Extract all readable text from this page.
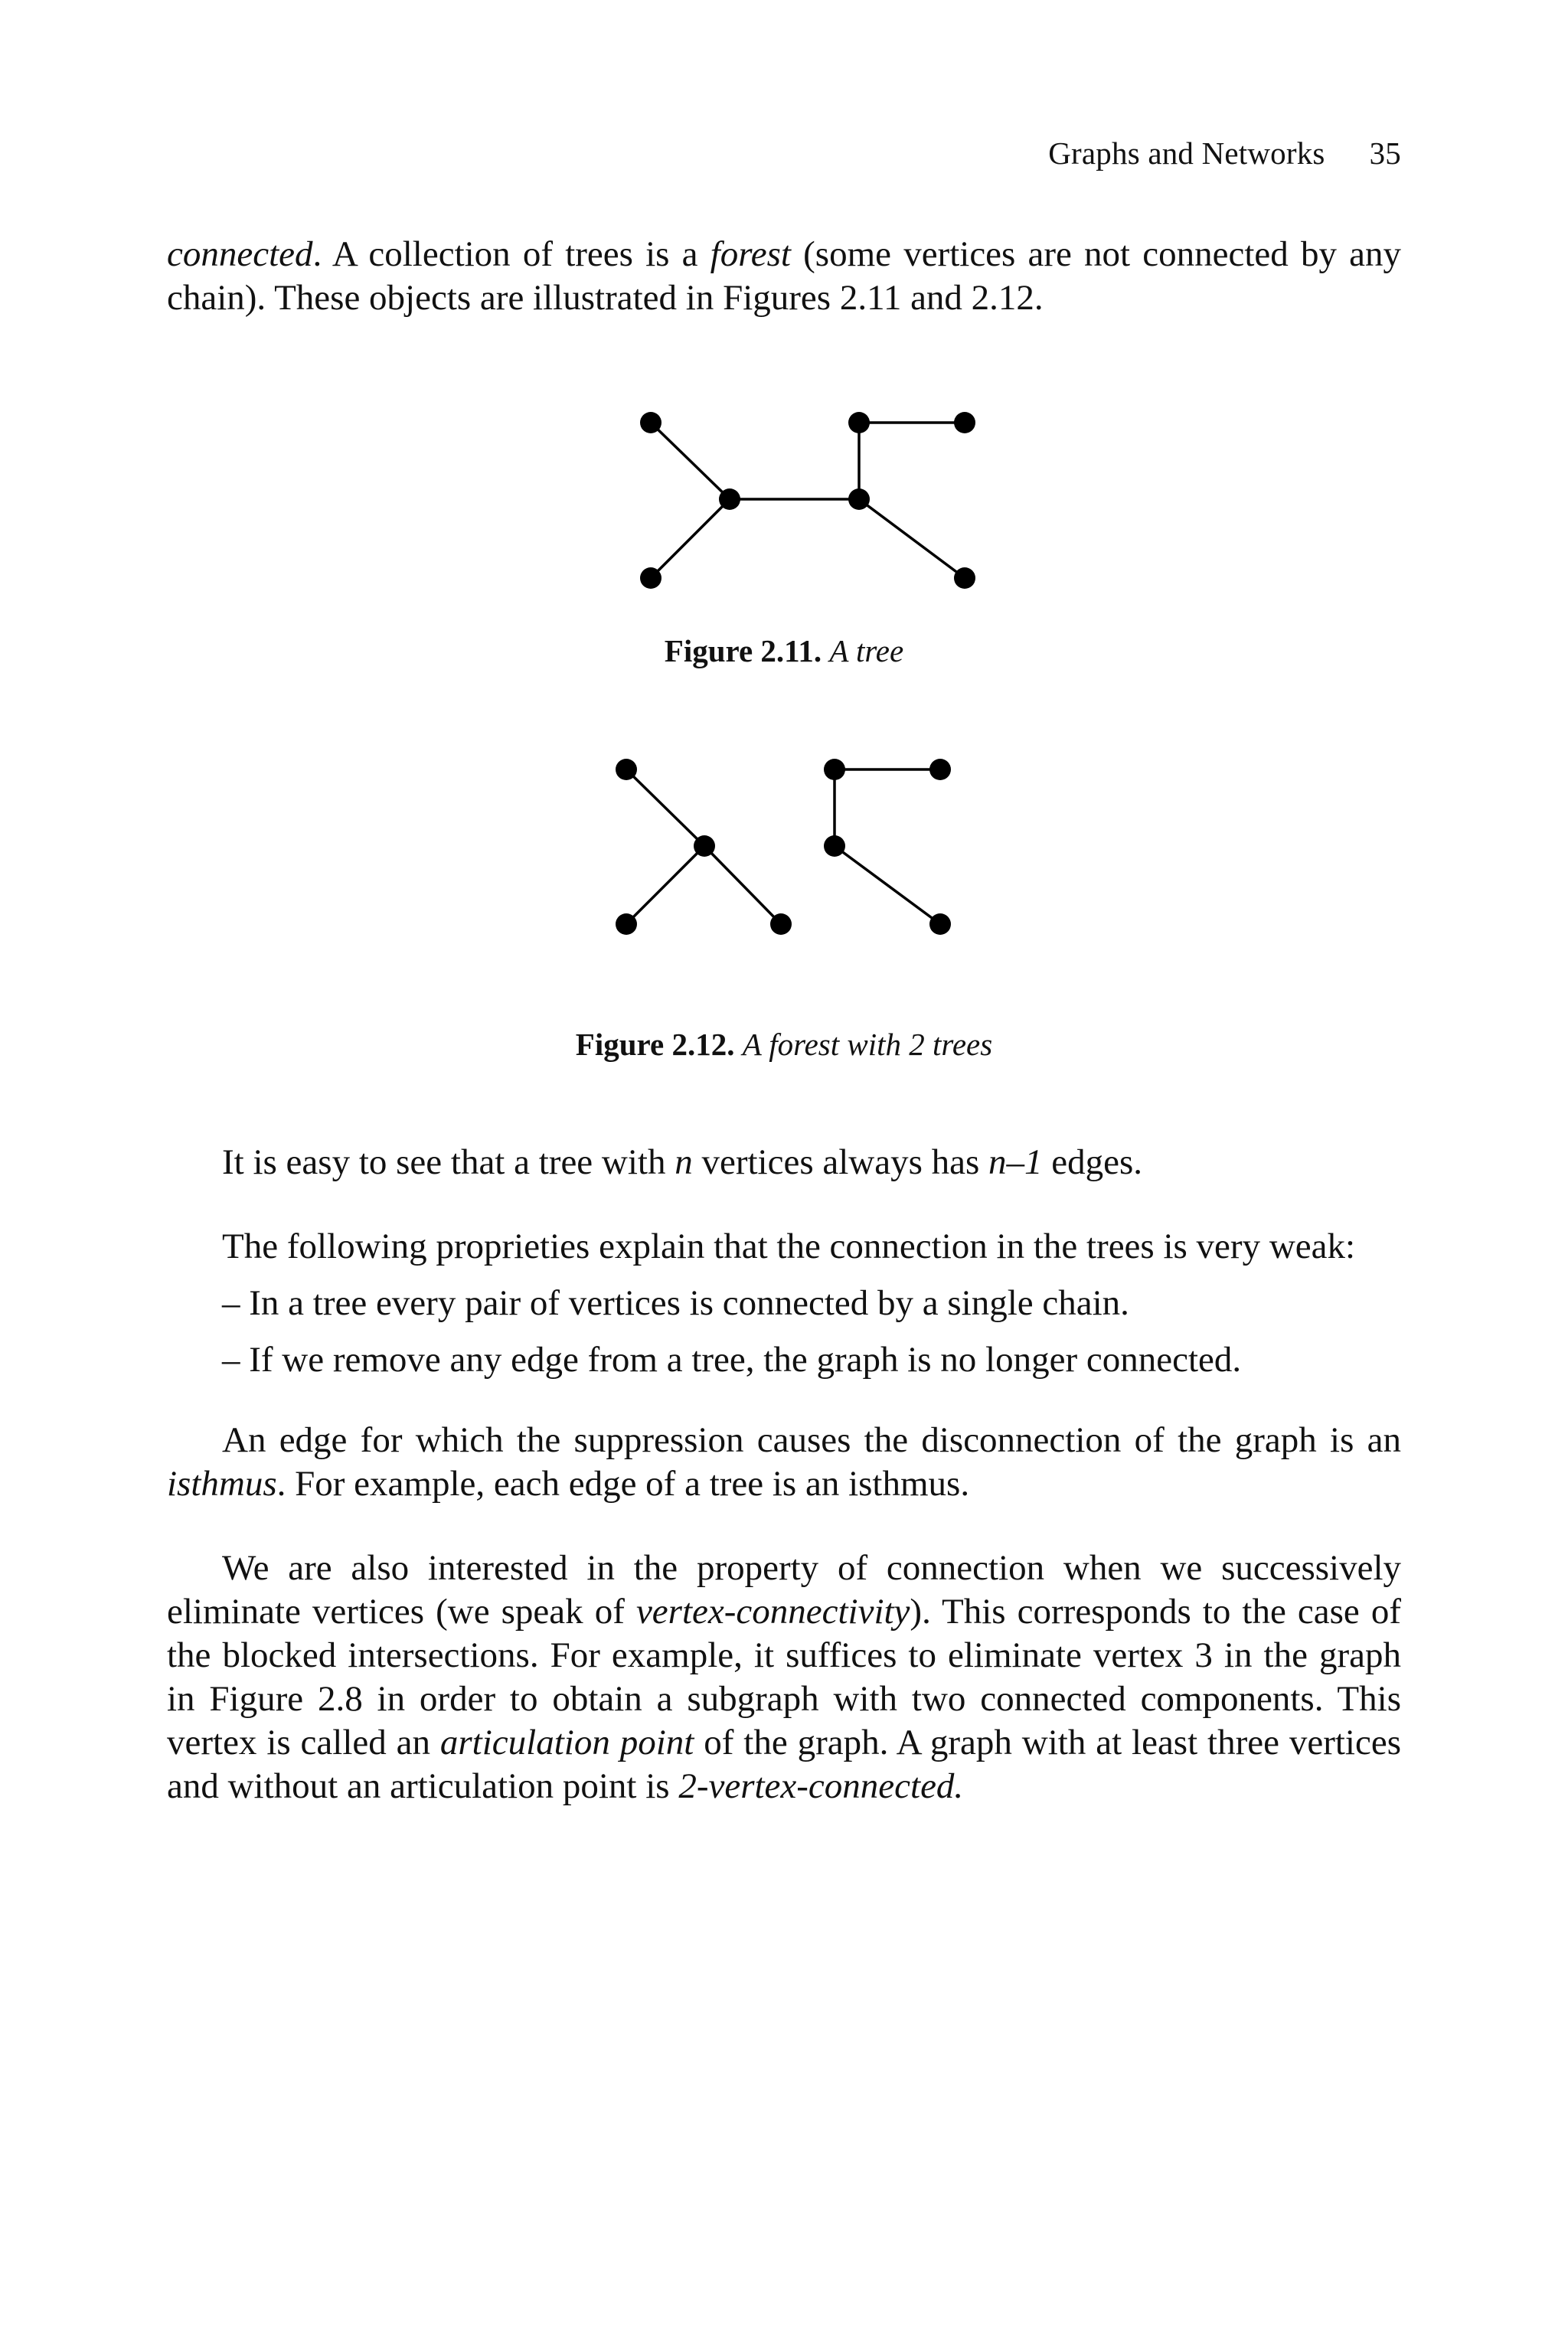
Graphs and Networks 35
connected. A collection of trees is a forest (some vertices are not connected by any chain). These objects are illustrated in Figures 2.11 and 2.12.
Figure 2.11. A tree
Figure 2.12. A forest with 2 trees
It is easy to see that a tree with n vertices always has n–1 edges.
The following proprieties explain that the connection in the trees is very weak:
– In a tree every pair of vertices is connected by a single chain.
– If we remove any edge from a tree, the graph is no longer connected.
An edge for which the suppression causes the disconnection of the graph is an isthmus. For example, each edge of a tree is an isthmus.
We are also interested in the property of connection when we successively eliminate vertices (we speak of vertex-connectivity). This corresponds to the case of the blocked intersections. For example, it suffices to eliminate vertex 3 in the graph in Figure 2.8 in order to obtain a subgraph with two connected components. This vertex is called an articulation point of the graph. A graph with at least three vertices and without an articulation point is 2-vertex-connected.
